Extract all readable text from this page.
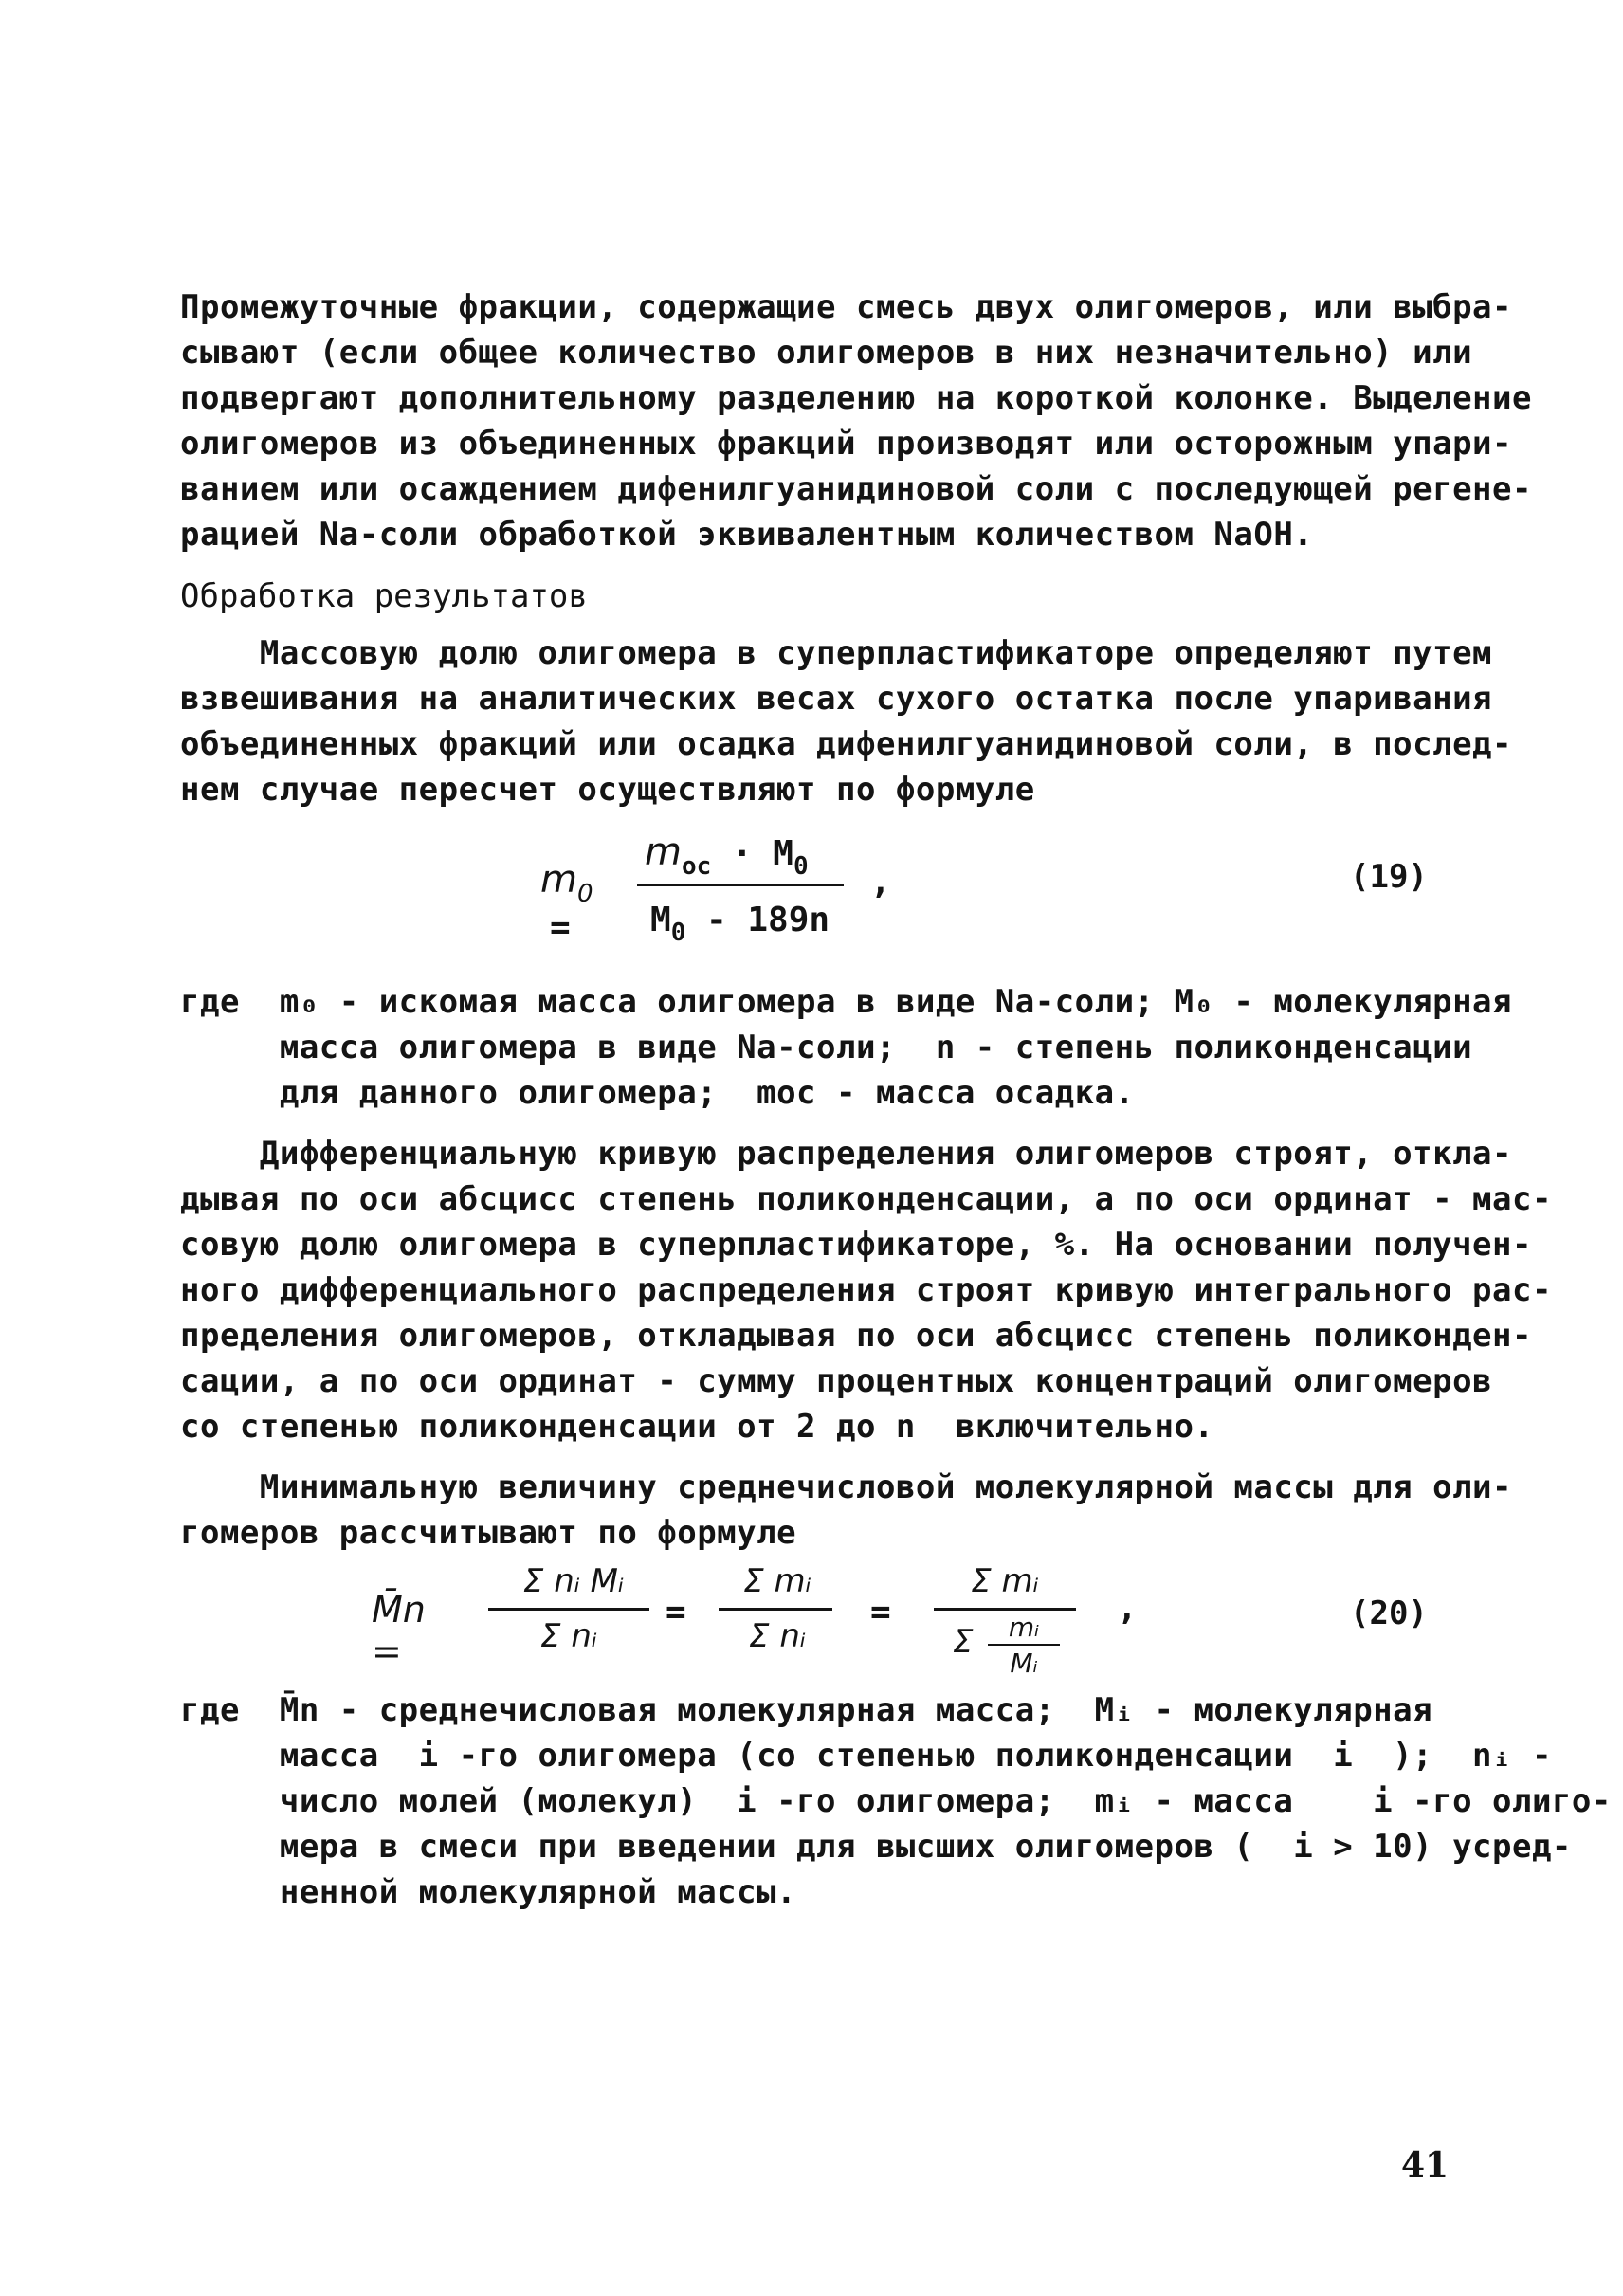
Промежуточные фракции, содержащие смесь двух олигомеров, или выбра-
сывают (если общее количество олигомеров в них незначительно) или
подвергают дополнительному разделению на короткой колонке. Выделение
олигомеров из объединенных фракций производят или осторожным упари-
ванием или осаждением дифенилгуанидиновой соли с последующей регене-
рацией Nа-соли обработкой эквивалентным количеством NaOH.
Обработка результатов
Массовую долю олигомера в суперпластификаторе определяют путем
взвешивания на аналитических весах сухого остатка после упаривания
объединенных фракций или осадка дифенилгуанидиновой соли, в послед-
нем случае пересчет осуществляют по формуле
$m_0$ =
$m_{ос} \cdot M_0$
$M_0 - 189n$
,	(19)
где  m₀ - искомая масса олигомера в виде Nа-соли; M₀ - молекулярная
масса олигомера в виде Nа-соли;  n - степень поликонденсации
для данного олигомера;  mос - масса осадка.
Дифференциальную кривую распределения олигомеров строят, откла-
дывая по оси абсцисс степень поликонденсации, а по оси ординат - мас-
совую долю олигомера в суперпластификаторе, %. На основании получен-
ного дифференциального распределения строят кривую интегрального рас-
пределения олигомеров, откладывая по оси абсцисс степень поликонден-
сации, а по оси ординат - сумму процентных концентраций олигомеров
со степенью поликонденсации от 2 до n  включительно.
Минимальную величину среднечисловой молекулярной массы для оли-
гомеров рассчитывают по формуле
M̄n =
Σ nᵢ Mᵢ
Σ nᵢ
=
Σ mᵢ
Σ nᵢ
=
Σ mᵢ
Σ	mᵢ
Mᵢ
,	(20)
где  M̄n - среднечисловая молекулярная масса;  Mᵢ - молекулярная
масса  i -го олигомера (со степенью поликонденсации  i  );  nᵢ -
число молей (молекул)  i -го олигомера;  mᵢ - масса    i -го олиго-
мера в смеси при введении для высших олигомеров (  i > 10) усред-
ненной молекулярной массы.
41
